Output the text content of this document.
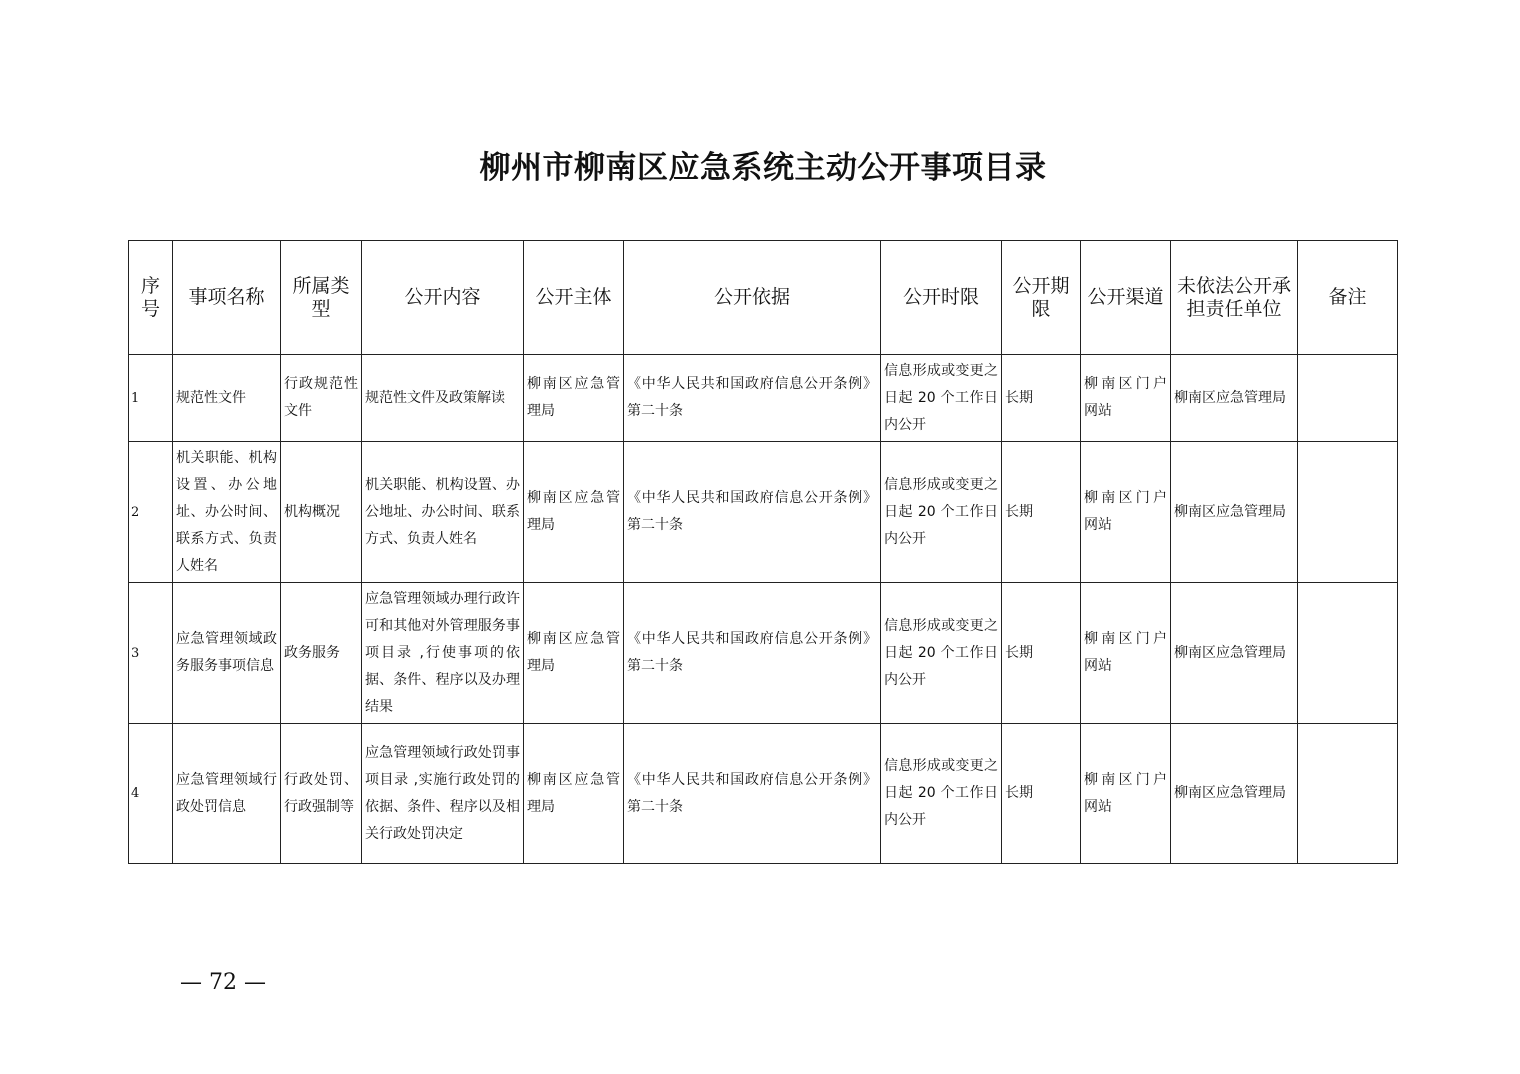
柳州市柳南区应急系统主动公开事项目录
序号	事项名称	所属类型	公开内容	公开主体	公开依据	公开时限	公开期限	公开渠道	未依法公开承担责任单位	备注
1	规范性文件	行政规范性文件	规范性文件及政策解读	柳南区应急管理局	《中华人民共和国政府信息公开条例》第二十条	信息形成或变更之日起 20 个工作日内公开	长期	柳南区门户网站	柳南区应急管理局	
2	机关职能、机构设置、办公地址、办公时间、联系方式、负责人姓名	机构概况	机关职能、机构设置、办公地址、办公时间、联系方式、负责人姓名	柳南区应急管理局	《中华人民共和国政府信息公开条例》第二十条	信息形成或变更之日起 20 个工作日内公开	长期	柳南区门户网站	柳南区应急管理局	
3	应急管理领域政务服务事项信息	政务服务	应急管理领域办理行政许可和其他对外管理服务事项目录 ,行使事项的依据、条件、程序以及办理结果	柳南区应急管理局	《中华人民共和国政府信息公开条例》第二十条	信息形成或变更之日起 20 个工作日内公开	长期	柳南区门户网站	柳南区应急管理局	
4	应急管理领域行政处罚信息	行政处罚、行政强制等	应急管理领域行政处罚事项目录 ,实施行政处罚的依据、条件、程序以及相关行政处罚决定	柳南区应急管理局	《中华人民共和国政府信息公开条例》第二十条	信息形成或变更之日起 20 个工作日内公开	长期	柳南区门户网站	柳南区应急管理局	
— 72 —
